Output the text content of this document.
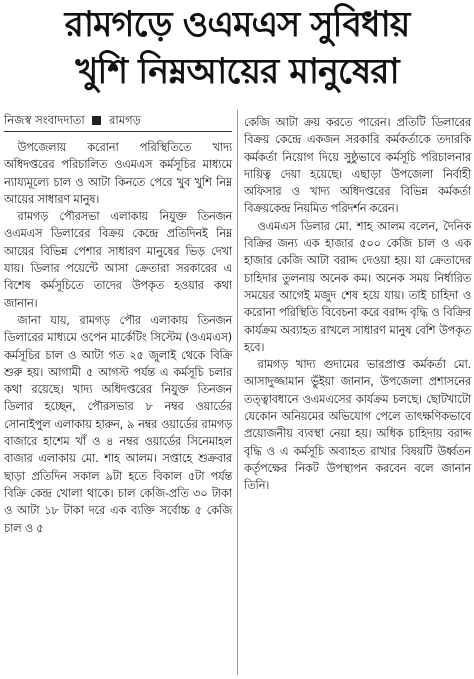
রামগড়ে ওএমএস সুবিধায়
খুশি নিম্নআয়ের মানুষেরা
নিজস্ব সংবাদদাতা রামগড়

উপজেলায় করোনা পরিস্থিতিতে খাদ্য অধিদপ্তরের পরিচালিত ওএমএস কর্মসূচির মাধ্যমে ন্যায্যমূল্যে চাল ও আটা কিনতে পেরে খুব খুশি নিম্ন আয়ের সাধারণ মানুষ।

রামগড় পৌরসভা এলাকায় নিযুক্ত তিনজন ওএমএস ডিলারের বিক্রয় কেন্দ্রে প্রতিদিনই নিম্ন আয়ের বিভিন্ন পেশার সাধারণ মানুষের ভিড় দেখা যায়। ডিলার পয়েন্টে আসা ক্রেতারা সরকারের এ বিশেষ কর্মসূচিতে তাদের উপকৃত হওয়ার কথা জানান।

জানা যায়, রামগড় পৌর এলাকায় তিনজন ডিলারের মাধ্যমে ওপেন মার্কেটিং সিস্টেম (ওএমএস) কর্মসূচির চাল ও আটা গত ২৫ জুলাই থেকে বিক্রি শুরু হয়। আগামী ৫ আগস্ট পর্যন্ত এ কর্মসূচি চলার কথা রয়েছে। খাদ্য অধিদপ্তরের নিযুক্ত তিনজন ডিলার হচ্ছেন, পৌরসভার ৮ নম্বর ওয়ার্ডের সোনাইপুল এলাকায় হারুন, ৯ নম্বর ওয়ার্ডের রামগড় বাজারে হাশেম খাঁ ও ৪ নম্বর ওয়ার্ডের সিনেমাহল বাজার এলাকায় মো. শাহ আলম। সপ্তাহে শুক্রবার ছাড়া প্রতিদিন সকাল ৯টা হতে বিকাল ৫টা পর্যন্ত বিক্রি কেন্দ্র খোলা থাকে। চাল কেজি-প্রতি ৩০ টাকা ও আটা ১৮ টাকা দরে এক ব্যক্তি সর্বোচ্চ ৫ কেজি চাল ও ৫

কেজি আটা ক্রয় করতে পারেন। প্রতিটি ডিলারের বিক্রয় কেন্দ্রে একজন সরকারি কর্মকর্তাকে তদারকি কর্মকর্তা নিয়োগ দিয়ে সুষ্ঠুভাবে কর্মসূচি পরিচালনার দায়িত্ব দেয়া হয়েছে। এছাড়া উপজেলা নির্বাহী অফিসার ও খাদ্য অধিদপ্তরের বিভিন্ন কর্মকর্তা বিক্রয়কেন্দ্র নিয়মিত পরিদর্শন করেন।

ওএমএস ডিলার মো. শাহ আলম বলেন, দৈনিক বিক্রির জন্য এক হাজার ৫০০ কেজি চাল ও এক হাজার কেজি আটা বরাদ্দ দেওয়া হয়। যা ক্রেতাদের চাহিদার তুলনায় অনেক কম। অনেক সময় নির্ধারিত সময়ের আগেই মজুদ শেষ হয়ে যায়। তাই চাহিদা ও করোনা পরিস্থিতি বিবেচনা করে বরাদ্দ বৃদ্ধি ও বিক্রির কার্যক্রম অব্যাহত রাখলে সাধারণ মানুষ বেশি উপকৃত হবে।

রামগড় খাদ্য গুদামের ভারপ্রাপ্ত কর্মকর্তা মো. আসাদুজ্জামান ভুঁইয়া জানান, উপজেলা প্রশাসনের তত্ত্বাবধানে ওএমএসের কার্যক্রম চলছে। ছোটখাটো যেকোন অনিয়মের অভিযোগ পেলে তাৎক্ষণিকভাবে প্রয়োজনীয় ব্যবস্থা নেয়া হয়। অধিক চাহিদায় বরাদ্দ বৃদ্ধি ও এ কর্মসূচি অব্যাহত রাখার বিষয়টি উর্ধ্বতন কর্তৃপক্ষের নিকট উপস্থাপন করবেন বলে জানান তিনি।
